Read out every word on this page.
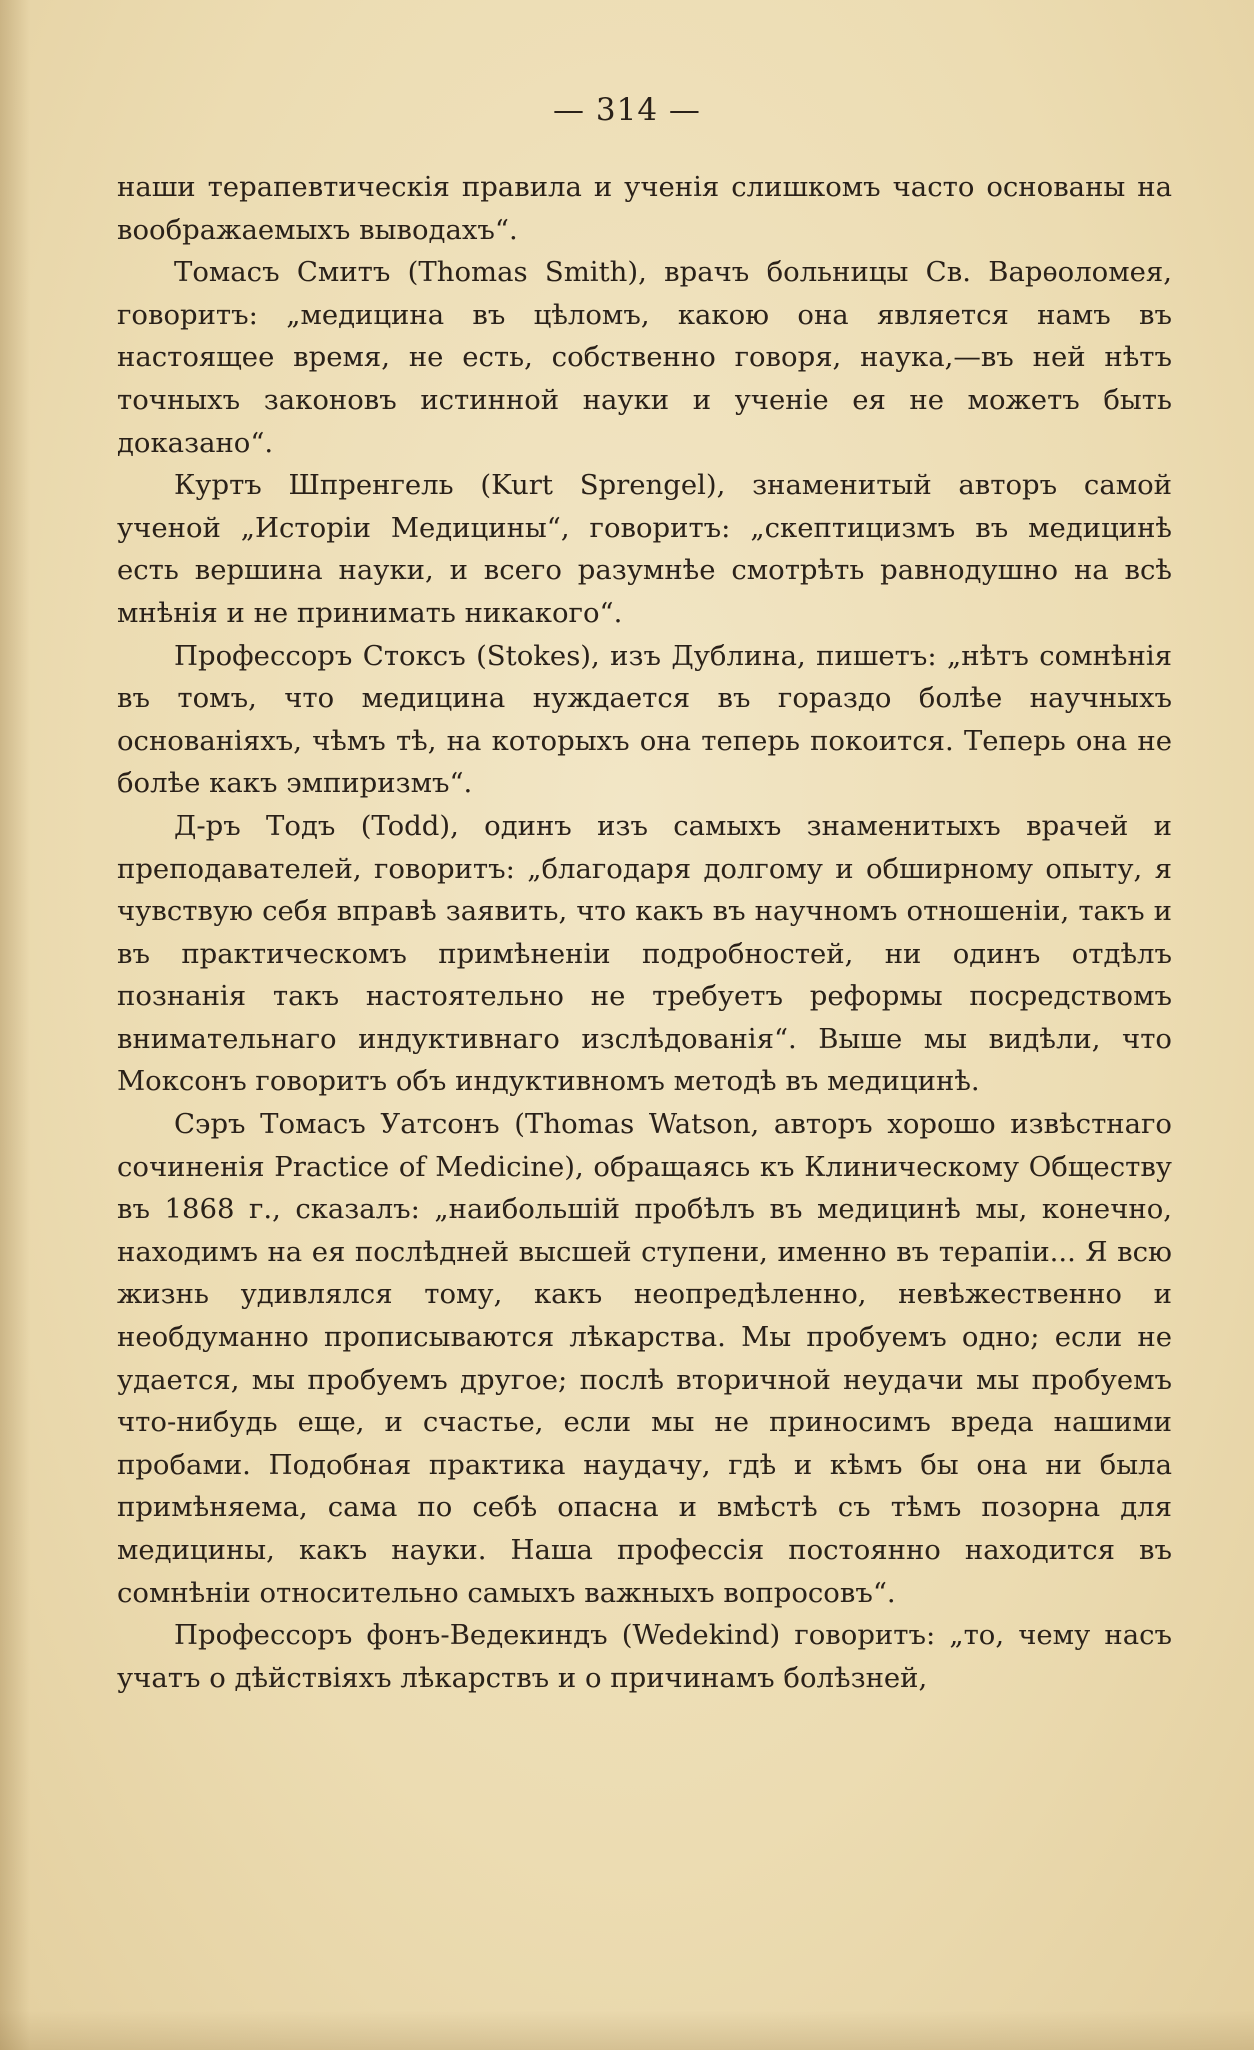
— 314 —

наши терапевтическія правила и ученія слишкомъ часто основаны на воображаемыхъ выводахъ“.

Томасъ Смитъ (Thomas Smith), врачъ больницы Св. Варѳоломея, говоритъ: „медицина въ цѣломъ, какою она является намъ въ настоящее время, не есть, собственно говоря, наука,—въ ней нѣтъ точныхъ законовъ истинной науки и ученіе ея не можетъ быть доказано“.

Куртъ Шпренгель (Kurt Sprengel), знаменитый авторъ самой ученой „Исторіи Медицины“, говоритъ: „скептицизмъ въ медицинѣ есть вершина науки, и всего разумнѣе смотрѣть равнодушно на всѣ мнѣнія и не принимать никакого“.

Профессоръ Стоксъ (Stokes), изъ Дублина, пишетъ: „нѣтъ сомнѣнія въ томъ, что медицина нуждается въ гораздо болѣе научныхъ основаніяхъ, чѣмъ тѣ, на которыхъ она теперь покоится. Теперь она не болѣе какъ эмпиризмъ“.

Д-ръ Тодъ (Todd), одинъ изъ самыхъ знаменитыхъ врачей и преподавателей, говоритъ: „благодаря долгому и обширному опыту, я чувствую себя вправѣ заявить, что какъ въ научномъ отношеніи, такъ и въ практическомъ примѣненіи подробностей, ни одинъ отдѣлъ познанія такъ настоятельно не требуетъ реформы посредствомъ внимательнаго индуктивнаго изслѣдованія“. Выше мы видѣли, что Моксонъ говоритъ объ индуктивномъ методѣ въ медицинѣ.

Сэръ Томасъ Уатсонъ (Thomas Watson, авторъ хорошо извѣстнаго сочиненія Practice of Medicine), обращаясь къ Клиническому Обществу въ 1868 г., сказалъ: „наибольшій пробѣлъ въ медицинѣ мы, конечно, находимъ на ея послѣдней высшей ступени, именно въ терапіи... Я всю жизнь удивлялся тому, какъ неопредѣленно, невѣжественно и необдуманно прописываются лѣкарства. Мы пробуемъ одно; если не удается, мы пробуемъ другое; послѣ вторичной неудачи мы пробуемъ что-нибудь еще, и счастье, если мы не приносимъ вреда нашими пробами. Подобная практика наудачу, гдѣ и кѣмъ бы она ни была примѣняема, сама по себѣ опасна и вмѣстѣ съ тѣмъ позорна для медицины, какъ науки. Наша профессія постоянно находится въ сомнѣніи относительно самыхъ важныхъ вопросовъ“.

Профессоръ фонъ-Ведекиндъ (Wedekind) говоритъ: „то, чему насъ учатъ о дѣйствіяхъ лѣкарствъ и о причинамъ болѣзней,
